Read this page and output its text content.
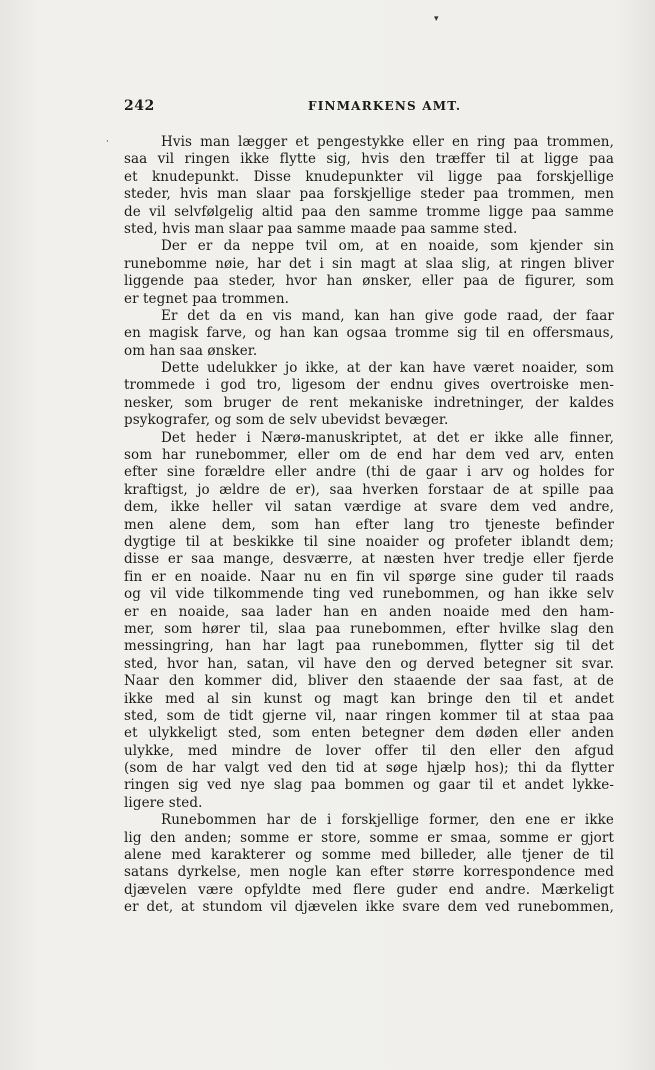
242	FINMARKENS AMT.
Hvis man lægger et pengestykke eller en ring paa trommen,
saa vil ringen ikke flytte sig, hvis den træffer til at ligge paa
et knudepunkt. Disse knudepunkter vil ligge paa forskjellige
steder, hvis man slaar paa forskjellige steder paa trommen, men
de vil selvfølgelig altid paa den samme tromme ligge paa samme
sted, hvis man slaar paa samme maade paa samme sted.
Der er da neppe tvil om, at en noaide, som kjender sin
runebomme nøie, har det i sin magt at slaa slig, at ringen bliver
liggende paa steder, hvor han ønsker, eller paa de figurer, som
er tegnet paa trommen.
Er det da en vis mand, kan han give gode raad, der faar
en magisk farve, og han kan ogsaa tromme sig til en offersmaus,
om han saa ønsker.
Dette udelukker jo ikke, at der kan have været noaider, som
trommede i god tro, ligesom der endnu gives overtroiske men-
nesker, som bruger de rent mekaniske indretninger, der kaldes
psykografer, og som de selv ubevidst bevæger.
Det heder i Nærø-manuskriptet, at det er ikke alle finner,
som har runebommer, eller om de end har dem ved arv, enten
efter sine forældre eller andre (thi de gaar i arv og holdes for
kraftigst, jo ældre de er), saa hverken forstaar de at spille paa
dem, ikke heller vil satan værdige at svare dem ved andre,
men alene dem, som han efter lang tro tjeneste befinder
dygtige til at beskikke til sine noaider og profeter iblandt dem;
disse er saa mange, desværre, at næsten hver tredje eller fjerde
fin er en noaide. Naar nu en fin vil spørge sine guder til raads
og vil vide tilkommende ting ved runebommen, og han ikke selv
er en noaide, saa lader han en anden noaide med den ham-
mer, som hører til, slaa paa runebommen, efter hvilke slag den
messingring, han har lagt paa runebommen, flytter sig til det
sted, hvor han, satan, vil have den og derved betegner sit svar.
Naar den kommer did, bliver den staaende der saa fast, at de
ikke med al sin kunst og magt kan bringe den til et andet
sted, som de tidt gjerne vil, naar ringen kommer til at staa paa
et ulykkeligt sted, som enten betegner dem døden eller anden
ulykke, med mindre de lover offer til den eller den afgud
(som de har valgt ved den tid at søge hjælp hos); thi da flytter
ringen sig ved nye slag paa bommen og gaar til et andet lykke-
ligere sted.
Runebommen har de i forskjellige former, den ene er ikke
lig den anden; somme er store, somme er smaa, somme er gjort
alene med karakterer og somme med billeder, alle tjener de til
satans dyrkelse, men nogle kan efter større korrespondence med
djævelen være opfyldte med flere guder end andre. Mærkeligt
er det, at stundom vil djævelen ikke svare dem ved runebommen,
▾
·
